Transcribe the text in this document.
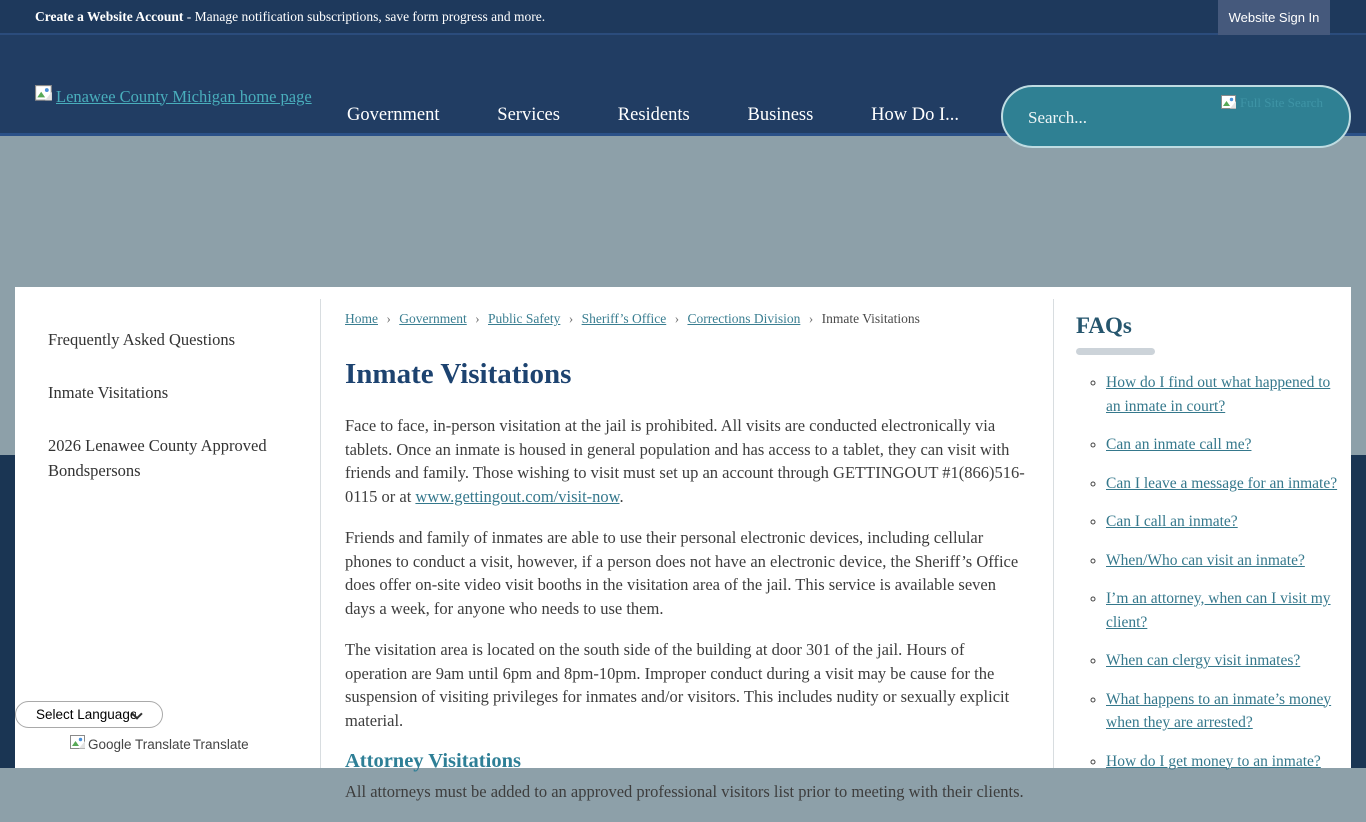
Create a Website Account - Manage notification subscriptions, save form progress and more.	Website Sign In
Lenawee County Michigan home page
Government	Services	Residents	Business	How Do I...
Search...
Full Site Search
Frequently Asked Questions
Inmate Visitations
2026 Lenawee County Approved Bondspersons
Home › Government › Public Safety › Sheriff’s Office › Corrections Division › Inmate Visitations
Inmate Visitations

Face to face, in-person visitation at the jail is prohibited. All visits are conducted electronically via tablets. Once an inmate is housed in general population and has access to a tablet, they can visit with friends and family. Those wishing to visit must set up an account through GETTINGOUT #1(866)516-0115 or at www.gettingout.com/visit-now.

Friends and family of inmates are able to use their personal electronic devices, including cellular phones to conduct a visit, however, if a person does not have an electronic device, the Sheriff’s Office does offer on-site video visit booths in the visitation area of the jail. This service is available seven days a week, for anyone who needs to use them.

The visitation area is located on the south side of the building at door 301 of the jail. Hours of operation are 9am until 6pm and 8pm-10pm. Improper conduct during a visit may be cause for the suspension of visiting privileges for inmates and/or visitors. This includes nudity or sexually explicit material.

Attorney Visitations

All attorneys must be added to an approved professional visitors list prior to meeting with their clients.

FAQs
◦ How do I find out what happened to an inmate in court?
◦ Can an inmate call me?
◦ Can I leave a message for an inmate?
◦ Can I call an inmate?
◦ When/Who can visit an inmate?
◦ I’m an attorney, when can I visit my client?
◦ When can clergy visit inmates?
◦ What happens to an inmate’s money when they are arrested?
◦ How do I get money to an inmate?
Select Language
Google Translate Translate
